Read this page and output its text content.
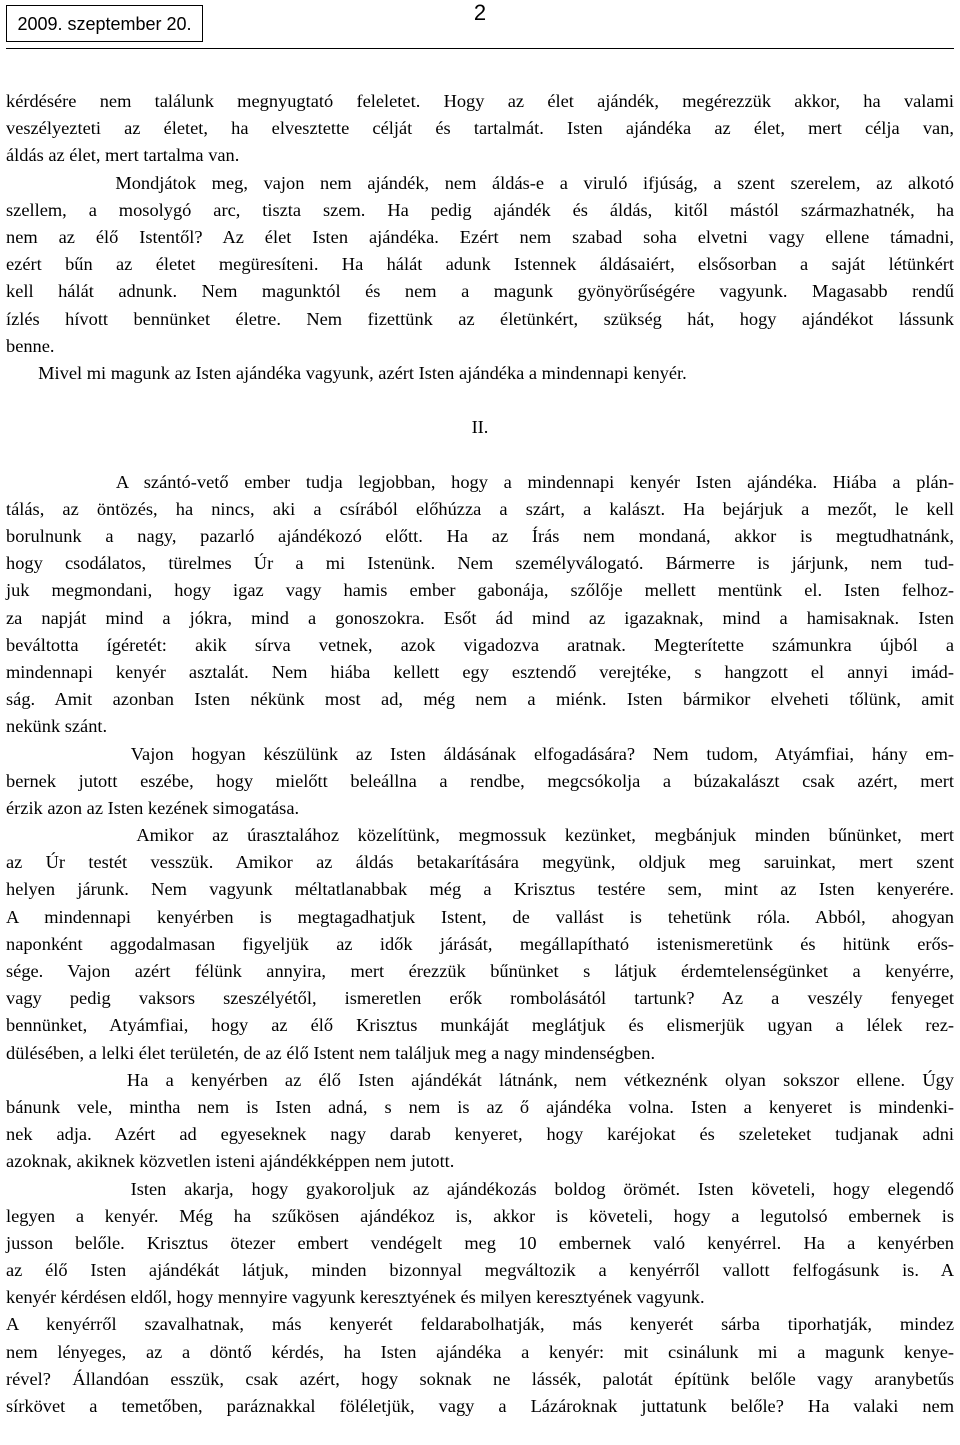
2009. szeptember 20.	2
kérdésére nem találunk megnyugtató feleletet. Hogy az élet ajándék, megérezzük akkor, ha valami
veszélyezteti az életet, ha elvesztette célját és tartalmát. Isten ajándéka az élet, mert célja van,
áldás az élet, mert tartalma van.
Mondjátok meg, vajon nem ajándék, nem áldás-e a viruló ifjúság, a szent szerelem, az alkotó
szellem, a mosolygó arc, tiszta szem. Ha pedig ajándék és áldás, kitől mástól származhatnék, ha
nem az élő Istentől? Az élet Isten ajándéka. Ezért nem szabad soha elvetni vagy ellene támadni,
ezért bűn az életet megüresíteni. Ha hálát adunk Istennek áldásaiért, elsősorban a saját létünkért
kell hálát adnunk. Nem magunktól és nem a magunk gyönyörűségére vagyunk. Magasabb rendű
ízlés hívott bennünket életre. Nem fizettünk az életünkért, szükség hát, hogy ajándékot lássunk
benne.
Mivel mi magunk az Isten ajándéka vagyunk, azért Isten ajándéka a mindennapi kenyér.
II.
A szántó-vető ember tudja legjobban, hogy a mindennapi kenyér Isten ajándéka. Hiába a plán-
tálás, az öntözés, ha nincs, aki a csírából előhúzza a szárt, a kalászt. Ha bejárjuk a mezőt, le kell
borulnunk a nagy, pazarló ajándékozó előtt. Ha az Írás nem mondaná, akkor is megtudhatnánk,
hogy csodálatos, türelmes Úr a mi Istenünk. Nem személyválogató. Bármerre is járjunk, nem tud-
juk megmondani, hogy igaz vagy hamis ember gabonája, szőlője mellett mentünk el. Isten felhoz-
za napját mind a jókra, mind a gonoszokra. Esőt ád mind az igazaknak, mind a hamisaknak. Isten
beváltotta ígéretét: akik sírva vetnek, azok vigadozva aratnak. Megterítette számunkra újból a
mindennapi kenyér asztalát. Nem hiába kellett egy esztendő verejtéke, s hangzott el annyi imád-
ság. Amit azonban Isten nékünk most ad, még nem a miénk. Isten bármikor elveheti tőlünk, amit
nekünk szánt.
Vajon hogyan készülünk az Isten áldásának elfogadására? Nem tudom, Atyámfiai, hány em-
bernek jutott eszébe, hogy mielőtt beleállna a rendbe, megcsókolja a búzakalászt csak azért, mert
érzik azon az Isten kezének simogatása.
Amikor az úrasztalához közelítünk, megmossuk kezünket, megbánjuk minden bűnünket, mert
az Úr testét vesszük. Amikor az áldás betakarítására megyünk, oldjuk meg saruinkat, mert szent
helyen járunk. Nem vagyunk méltatlanabbak még a Krisztus testére sem, mint az Isten kenyerére.
A mindennapi kenyérben is megtagadhatjuk Istent, de vallást is tehetünk róla. Abból, ahogyan
naponként aggodalmasan figyeljük az idők járását, megállapítható istenismeretünk és hitünk erős-
sége. Vajon azért félünk annyira, mert érezzük bűnünket s látjuk érdemtelenségünket a kenyérre,
vagy pedig vaksors szeszélyétől, ismeretlen erők rombolásától tartunk? Az a veszély fenyeget
bennünket, Atyámfiai, hogy az élő Krisztus munkáját meglátjuk és elismerjük ugyan a lélek rez-
dülésében, a lelki élet területén, de az élő Istent nem találjuk meg a nagy mindenségben.
Ha a kenyérben az élő Isten ajándékát látnánk, nem vétkeznénk olyan sokszor ellene. Úgy
bánunk vele, mintha nem is Isten adná, s nem is az ő ajándéka volna. Isten a kenyeret is mindenki-
nek adja. Azért ad egyeseknek nagy darab kenyeret, hogy karéjokat és szeleteket tudjanak adni
azoknak, akiknek közvetlen isteni ajándékképpen nem jutott.
Isten akarja, hogy gyakoroljuk az ajándékozás boldog örömét. Isten követeli, hogy elegendő
legyen a kenyér. Még ha szűkösen ajándékoz is, akkor is követeli, hogy a legutolsó embernek is
jusson belőle. Krisztus ötezer embert vendégelt meg 10 embernek való kenyérrel. Ha a kenyérben
az élő Isten ajándékát látjuk, minden bizonnyal megváltozik a kenyérről vallott felfogásunk is. A
kenyér kérdésen eldől, hogy mennyire vagyunk keresztyének és milyen keresztyének vagyunk.
A kenyérről szavalhatnak, más kenyerét feldarabolhatják, más kenyerét sárba tiporhatják, mindez
nem lényeges, az a döntő kérdés, ha Isten ajándéka a kenyér: mit csinálunk mi a magunk kenye-
rével? Állandóan esszük, csak azért, hogy soknak ne lássék, palotát építünk belőle vagy aranybetűs
sírkövet a temetőben, paráznakkal föléletjük, vagy a Lázároknak juttatunk belőle? Ha valaki nem
